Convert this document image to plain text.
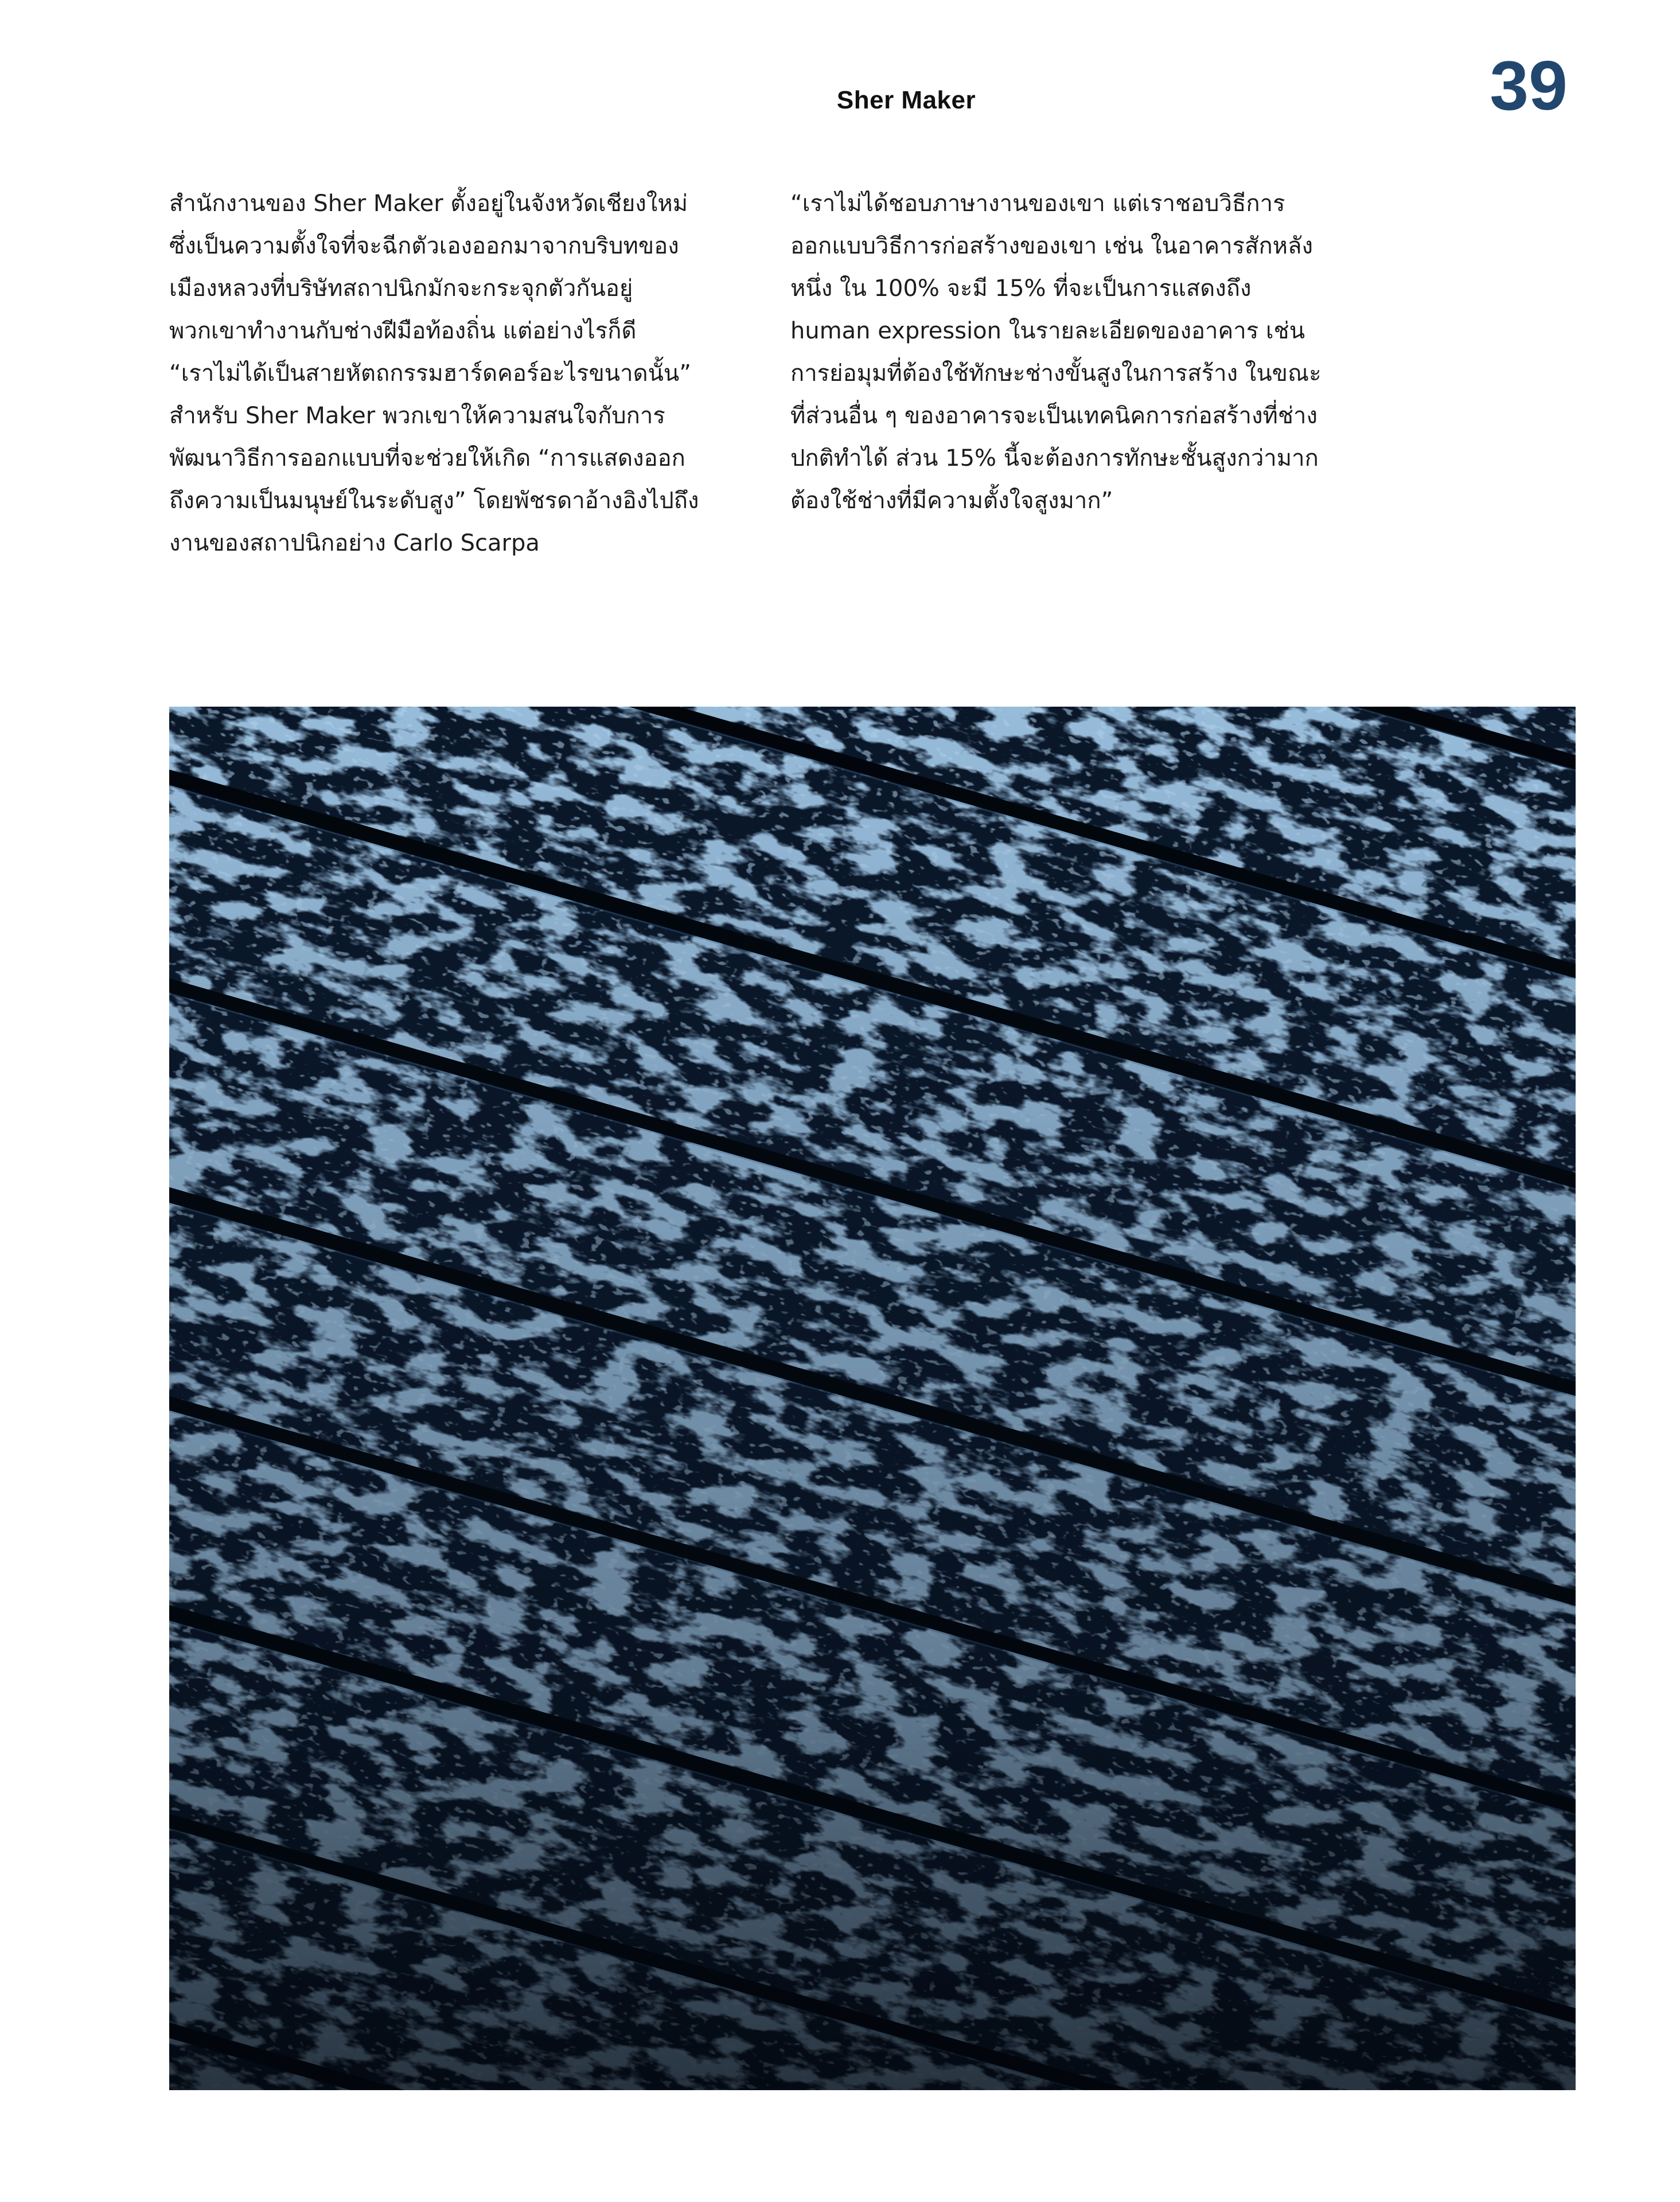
Sher Maker	39
สำนักงานของ Sher Maker ตั้งอยู่ในจังหวัดเชียงใหม่
ซึ่งเป็นความตั้งใจที่จะฉีกตัวเองออกมาจากบริบทของ
เมืองหลวงที่บริษัทสถาปนิกมักจะกระจุกตัวกันอยู่
พวกเขาทำงานกับช่างฝีมือท้องถิ่น แต่อย่างไรก็ดี
“เราไม่ได้เป็นสายหัตถกรรมฮาร์ดคอร์อะไรขนาดนั้น”
สำหรับ Sher Maker พวกเขาให้ความสนใจกับการ
พัฒนาวิธีการออกแบบที่จะช่วยให้เกิด “การแสดงออก
ถึงความเป็นมนุษย์ในระดับสูง” โดยพัชรดาอ้างอิงไปถึง
งานของสถาปนิกอย่าง Carlo Scarpa
“เราไม่ได้ชอบภาษางานของเขา แต่เราชอบวิธีการ
ออกแบบวิธีการก่อสร้างของเขา เช่น ในอาคารสักหลัง
หนึ่ง ใน 100% จะมี 15% ที่จะเป็นการแสดงถึง
human expression ในรายละเอียดของอาคาร เช่น
การย่อมุมที่ต้องใช้ทักษะช่างขั้นสูงในการสร้าง ในขณะ
ที่ส่วนอื่น ๆ ของอาคารจะเป็นเทคนิคการก่อสร้างที่ช่าง
ปกติทำได้ ส่วน 15% นี้จะต้องการทักษะชั้นสูงกว่ามาก
ต้องใช้ช่างที่มีความตั้งใจสูงมาก”
